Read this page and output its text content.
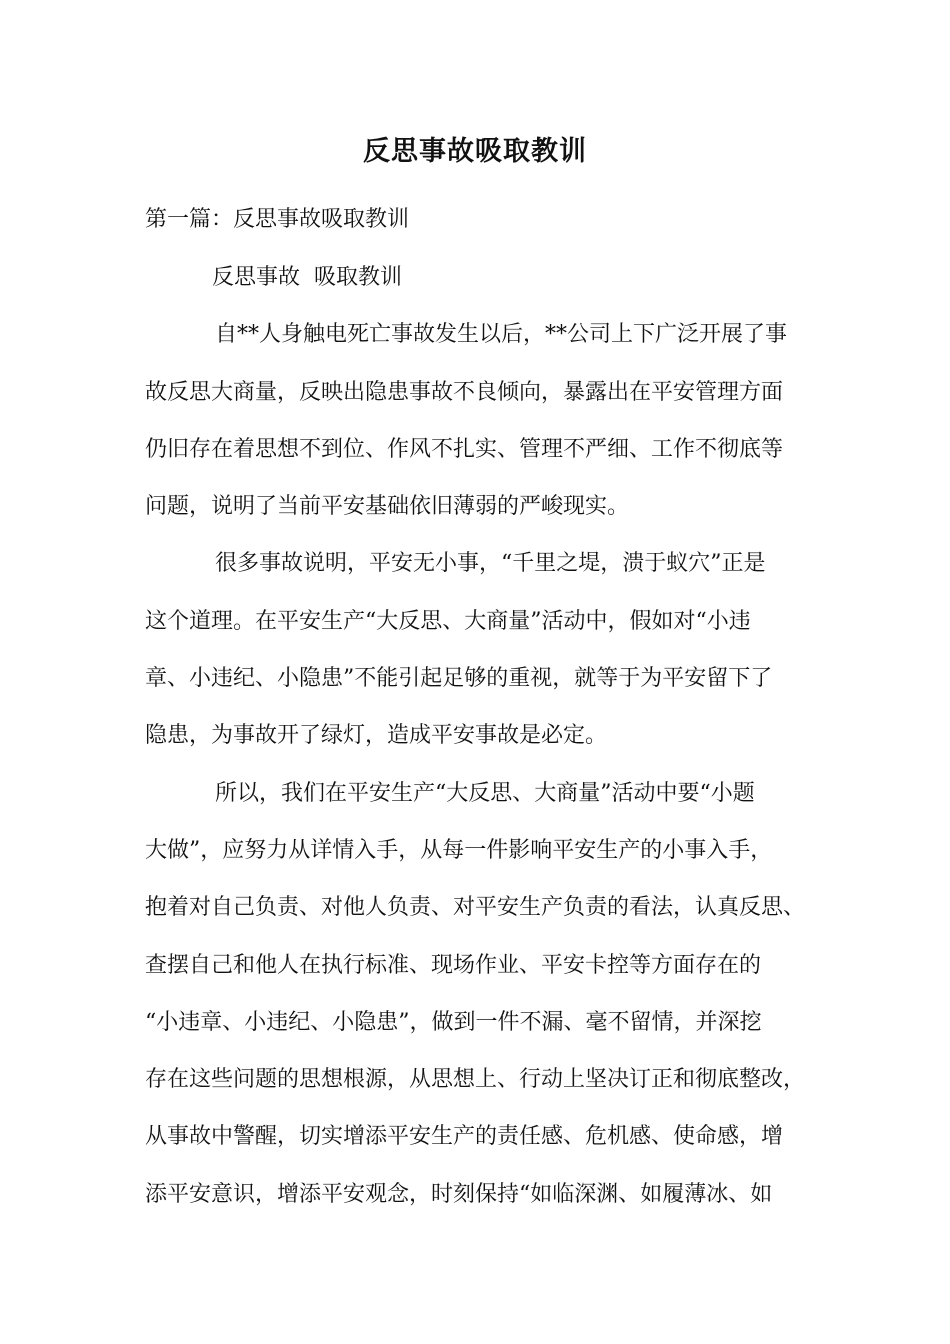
反思事故吸取教训
第一篇：反思事故吸取教训
反思事故  吸取教训
自**人身触电死亡事故发生以后，**公司上下广泛开展了事
故反思大商量，反映出隐患事故不良倾向，暴露出在平安管理方面
仍旧存在着思想不到位、作风不扎实、管理不严细、工作不彻底等
问题，说明了当前平安基础依旧薄弱的严峻现实。
很多事故说明，平安无小事，“千里之堤，溃于蚁穴”正是
这个道理。在平安生产“大反思、大商量”活动中，假如对“小违
章、小违纪、小隐患”不能引起足够的重视，就等于为平安留下了
隐患，为事故开了绿灯，造成平安事故是必定。
所以，我们在平安生产“大反思、大商量”活动中要“小题
大做”，应努力从详情入手，从每一件影响平安生产的小事入手，
抱着对自己负责、对他人负责、对平安生产负责的看法，认真反思、
查摆自己和他人在执行标准、现场作业、平安卡控等方面存在的
“小违章、小违纪、小隐患”，做到一件不漏、毫不留情，并深挖
存在这些问题的思想根源，从思想上、行动上坚决订正和彻底整改，
从事故中警醒，切实增添平安生产的责任感、危机感、使命感，增
添平安意识，增添平安观念，时刻保持“如临深渊、如履薄冰、如
